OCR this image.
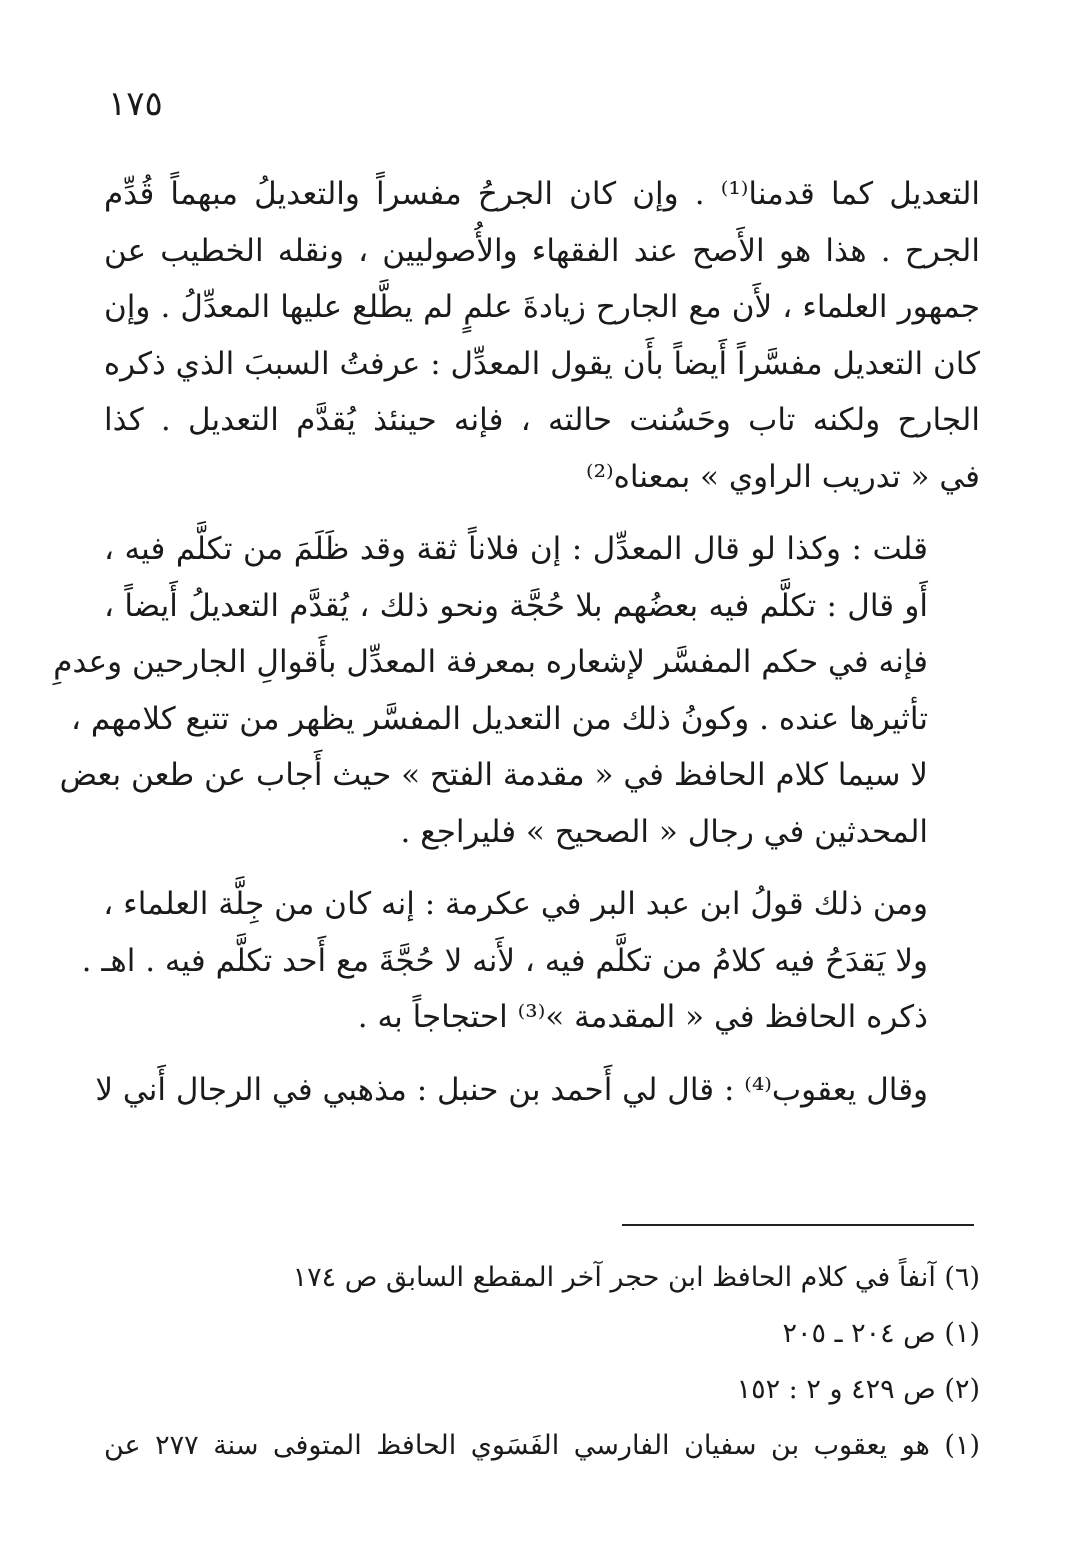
١٧٥

التعديل كما قدمنا⁽¹⁾ . وإن كان الجرحُ مفسراً والتعديلُ مبهماً قُدِّم
الجرح . هذا هو الأَصح عند الفقهاء والأُصوليين ، ونقله الخطيب عن
جمهور العلماء ، لأَن مع الجارح زيادةَ علمٍ لم يطَّلع عليها المعدِّلُ . وإن
كان التعديل مفسَّراً أَيضاً بأَن يقول المعدِّل : عرفتُ السببَ الذي ذكره
الجارح ولكنه تاب وحَسُنت حالته ، فإنه حينئذ يُقدَّم التعديل . كذا
في « تدريب الراوي » بمعناه⁽²⁾

قلت : وكذا لو قال المعدِّل : إن فلاناً ثقة وقد ظَلَمَ من تكلَّم فيه ،
أَو قال : تكلَّم فيه بعضُهم بلا حُجَّة ونحو ذلك ، يُقدَّم التعديلُ أَيضاً ،
فإنه في حكم المفسَّر لإشعاره بمعرفة المعدِّل بأَقوالِ الجارحين وعدمِ
تأثيرها عنده . وكونُ ذلك من التعديل المفسَّر يظهر من تتبع كلامهم ،
لا سيما كلام الحافظ في « مقدمة الفتح » حيث أَجاب عن طعن بعض
المحدثين في رجال « الصحيح » فليراجع .

ومن ذلك قولُ ابن عبد البر في عكرمة : إنه كان من جِلَّة العلماء ،
ولا يَقدَحُ فيه كلامُ من تكلَّم فيه ، لأَنه لا حُجَّةَ مع أَحد تكلَّم فيه . اهـ .
ذكره الحافظ في « المقدمة »⁽³⁾ احتجاجاً به .

وقال يعقوب⁽⁴⁾ : قال لي أَحمد بن حنبل : مذهبي في الرجال أَني لا

(٦) آنفاً في كلام الحافظ ابن حجر آخر المقطع السابق ص ١٧٤
(١) ص ٢٠٤ ـ ٢٠٥
(٢) ص ٤٢٩ و ٢ : ١٥٢
(١) هو يعقوب بن سفيان الفارسي الفَسَوي الحافظ المتوفى سنة ٢٧٧ عن
